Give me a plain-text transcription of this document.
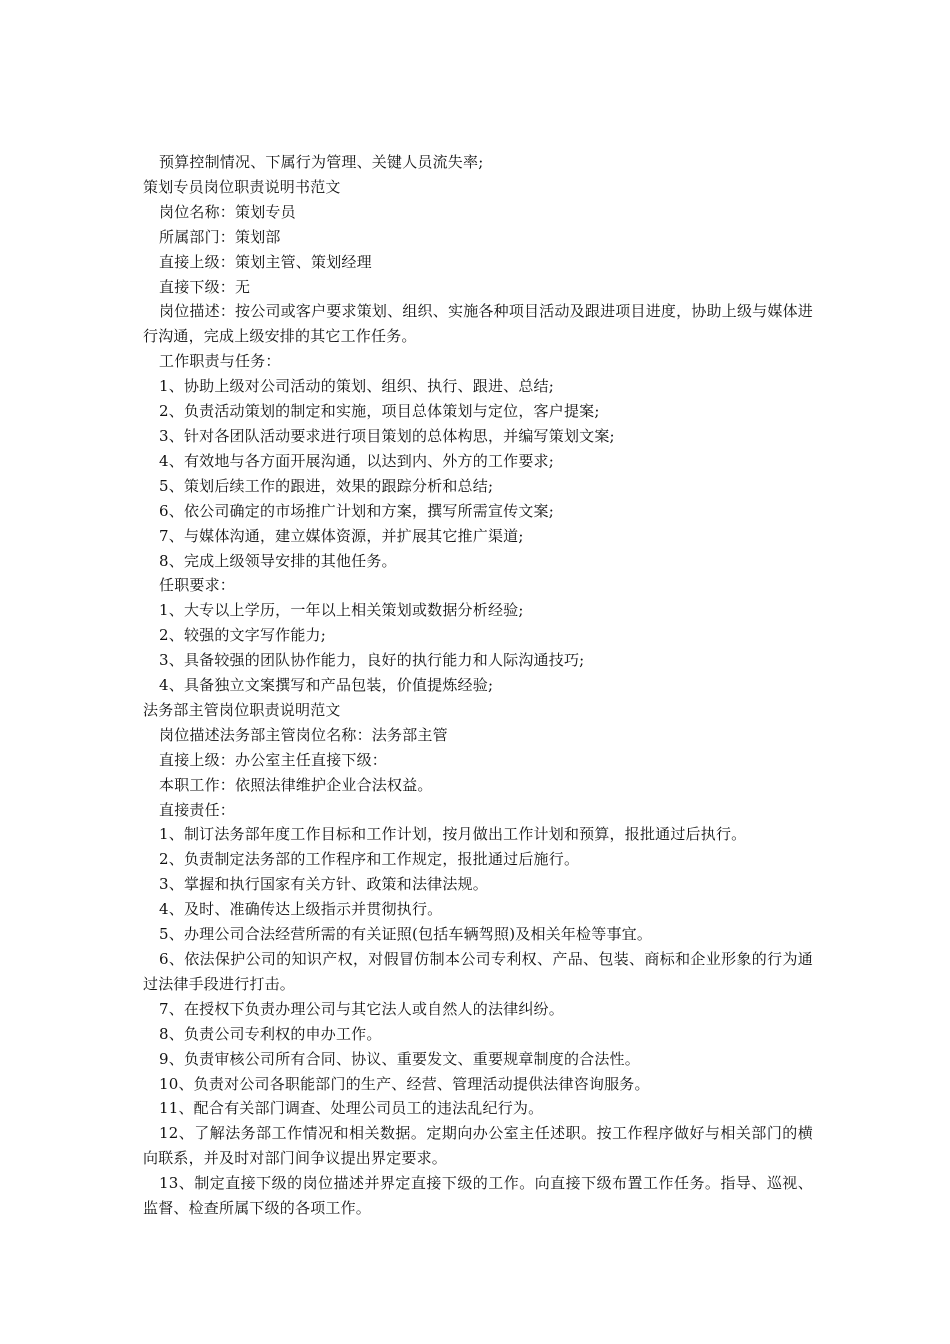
预算控制情况、下属行为管理、关键人员流失率;
策划专员岗位职责说明书范文
岗位名称：策划专员
所属部门：策划部
直接上级：策划主管、策划经理
直接下级：无
岗位描述：按公司或客户要求策划、组织、实施各种项目活动及跟进项目进度，协助上级与媒体进行沟通，完成上级安排的其它工作任务。
工作职责与任务：
1、协助上级对公司活动的策划、组织、执行、跟进、总结;
2、负责活动策划的制定和实施，项目总体策划与定位，客户提案;
3、针对各团队活动要求进行项目策划的总体构思，并编写策划文案;
4、有效地与各方面开展沟通，以达到内、外方的工作要求;
5、策划后续工作的跟进，效果的跟踪分析和总结;
6、依公司确定的市场推广计划和方案，撰写所需宣传文案;
7、与媒体沟通，建立媒体资源，并扩展其它推广渠道;
8、完成上级领导安排的其他任务。
任职要求：
1、大专以上学历，一年以上相关策划或数据分析经验;
2、较强的文字写作能力;
3、具备较强的团队协作能力，良好的执行能力和人际沟通技巧;
4、具备独立文案撰写和产品包装，价值提炼经验;
法务部主管岗位职责说明范文
岗位描述法务部主管岗位名称：法务部主管
直接上级：办公室主任直接下级：
本职工作：依照法律维护企业合法权益。
直接责任：
1、制订法务部年度工作目标和工作计划，按月做出工作计划和预算，报批通过后执行。
2、负责制定法务部的工作程序和工作规定，报批通过后施行。
3、掌握和执行国家有关方针、政策和法律法规。
4、及时、准确传达上级指示并贯彻执行。
5、办理公司合法经营所需的有关证照(包括车辆驾照)及相关年检等事宜。
6、依法保护公司的知识产权，对假冒仿制本公司专利权、产品、包装、商标和企业形象的行为通过法律手段进行打击。
7、在授权下负责办理公司与其它法人或自然人的法律纠纷。
8、负责公司专利权的申办工作。
9、负责审核公司所有合同、协议、重要发文、重要规章制度的合法性。
10、负责对公司各职能部门的生产、经营、管理活动提供法律咨询服务。
11、配合有关部门调查、处理公司员工的违法乱纪行为。
12、了解法务部工作情况和相关数据。定期向办公室主任述职。按工作程序做好与相关部门的横向联系，并及时对部门间争议提出界定要求。
13、制定直接下级的岗位描述并界定直接下级的工作。向直接下级布置工作任务。指导、巡视、监督、检查所属下级的各项工作。
